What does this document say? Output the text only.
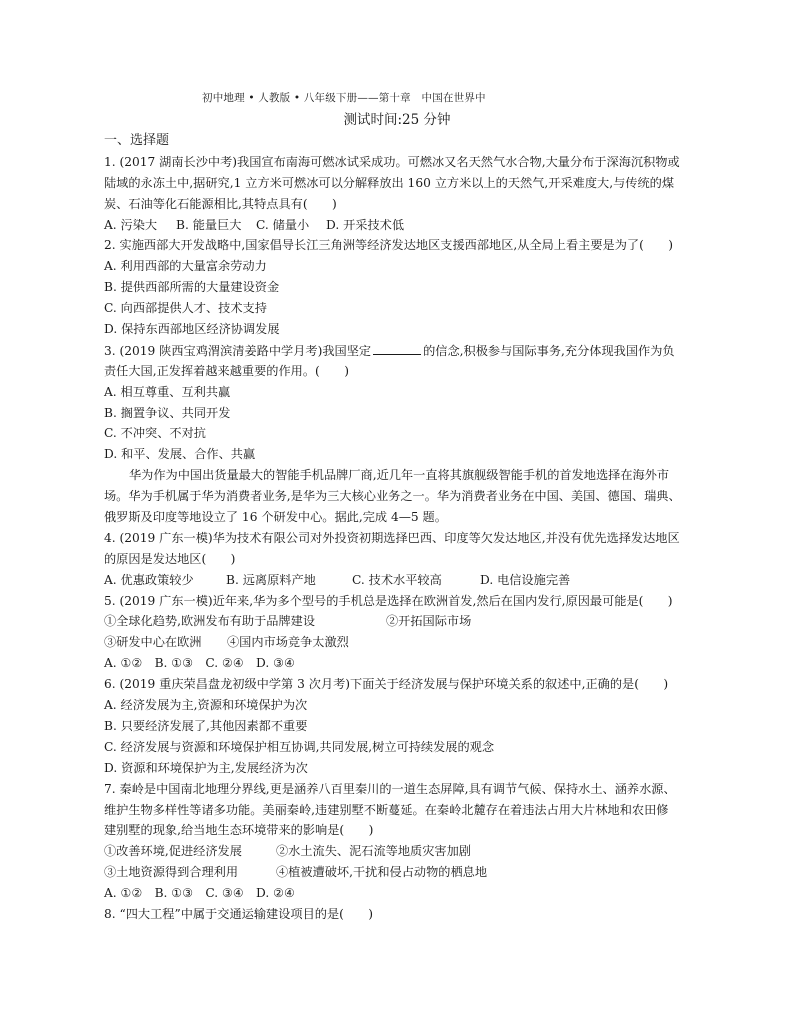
初中地理 • 人教版 • 八年级下册——第十章　中国在世界中
测试时间:25 分钟
一、选择题
1. (2017 湖南长沙中考)我国宣布南海可燃冰试采成功。可燃冰又名天然气水合物,大量分布于深海沉积物或
陆域的永冻土中,据研究,1 立方米可燃冰可以分解释放出 160 立方米以上的天然气,开采难度大,与传统的煤
炭、石油等化石能源相比,其特点具有(　　)
A. 污染大	B. 能量巨大	C. 储量小	D. 开采技术低
2. 实施西部大开发战略中,国家倡导长江三角洲等经济发达地区支援西部地区,从全局上看主要是为了(　　)
A. 利用西部的大量富余劳动力
B. 提供西部所需的大量建设资金
C. 向西部提供人才、技术支持
D. 保持东西部地区经济协调发展
3. (2019 陕西宝鸡渭滨清姜路中学月考)我国坚定	的信念,积极参与国际事务,充分体现我国作为负
责任大国,正发挥着越来越重要的作用。(　　)
A. 相互尊重、互利共赢
B. 搁置争议、共同开发
C. 不冲突、不对抗
D. 和平、发展、合作、共赢
华为作为中国出货量最大的智能手机品牌厂商,近几年一直将其旗舰级智能手机的首发地选择在海外市
场。华为手机属于华为消费者业务,是华为三大核心业务之一。华为消费者业务在中国、美国、德国、瑞典、
俄罗斯及印度等地设立了 16 个研发中心。据此,完成 4—5 题。
4. (2019 广东一模)华为技术有限公司对外投资初期选择巴西、印度等欠发达地区,并没有优先选择发达地区
的原因是发达地区(　　)
A. 优惠政策较少	B. 远离原料产地	C. 技术水平较高	D. 电信设施完善
5. (2019 广东一模)近年来,华为多个型号的手机总是选择在欧洲首发,然后在国内发行,原因最可能是(　　)
①全球化趋势,欧洲发布有助于品牌建设	②开拓国际市场
③研发中心在欧洲	④国内市场竞争太激烈
A. ①②　B. ①③　C. ②④　D. ③④
6. (2019 重庆荣昌盘龙初级中学第 3 次月考)下面关于经济发展与保护环境关系的叙述中,正确的是(　　)
A. 经济发展为主,资源和环境保护为次
B. 只要经济发展了,其他因素都不重要
C. 经济发展与资源和环境保护相互协调,共同发展,树立可持续发展的观念
D. 资源和环境保护为主,发展经济为次
7. 秦岭是中国南北地理分界线,更是涵养八百里秦川的一道生态屏障,具有调节气候、保持水土、涵养水源、
维护生物多样性等诸多功能。美丽秦岭,违建别墅不断蔓延。在秦岭北麓存在着违法占用大片林地和农田修
建别墅的现象,给当地生态环境带来的影响是(　　)
①改善环境,促进经济发展	②水土流失、泥石流等地质灾害加剧
③土地资源得到合理利用	④植被遭破坏,干扰和侵占动物的栖息地
A. ①②　B. ①③　C. ③④　D. ②④
8. “四大工程”中属于交通运输建设项目的是(　　)
